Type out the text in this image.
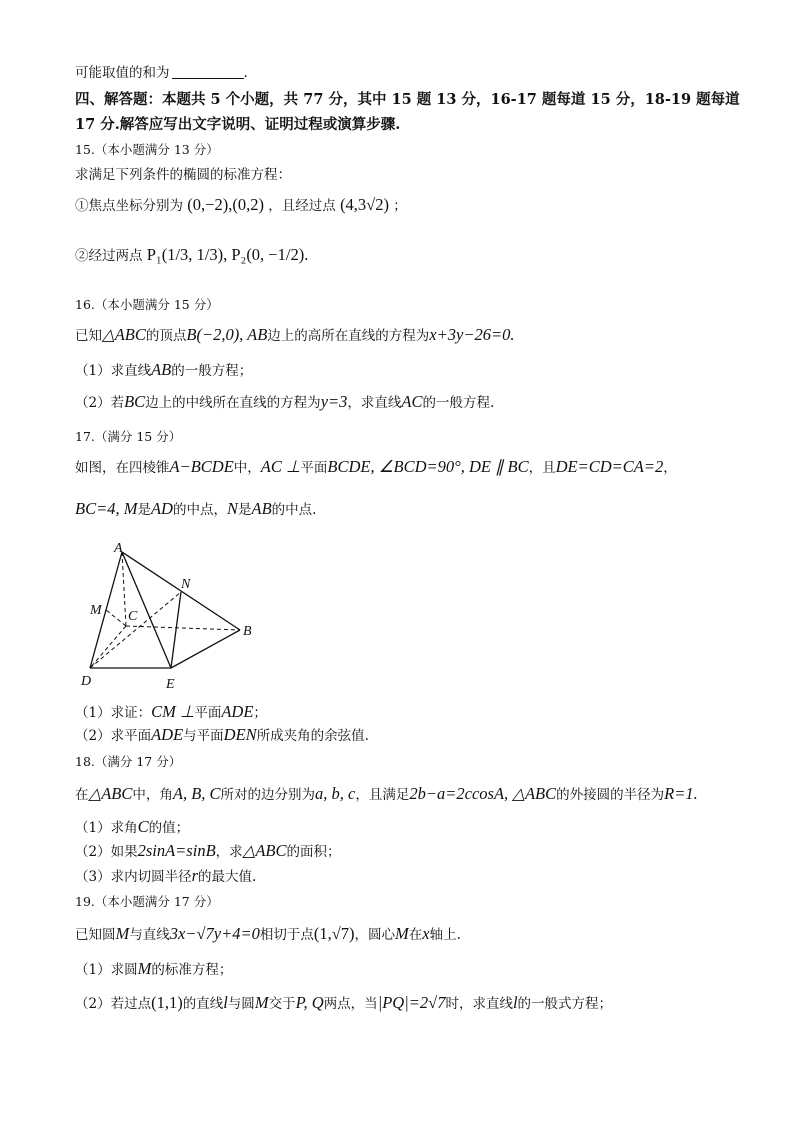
可能取值的和为	.
四、解答题：本题共 5 个小题，共 77 分，其中 15 题 13 分，16-17 题每道 15 分，18-19 题每道
17 分.解答应写出文字说明、证明过程或演算步骤.
15.（本小题满分 13 分）
求满足下列条件的椭圆的标准方程：
①焦点坐标分别为 (0,−2),(0,2) ，且经过点 (4,3√2) ；
②经过两点 P₁(1/3, 1/3), P₂(0, −1/2).
16.（本小题满分 15 分）
已知△ABC的顶点B(−2,0), AB边上的高所在直线的方程为x+3y−26=0.
（1）求直线AB的一般方程；
（2）若BC边上的中线所在直线的方程为y=3，求直线AC的一般方程.
17.（满分 15 分）
如图，在四棱锥A−BCDE中，AC ⊥平面BCDE, ∠BCD=90°, DE ∥ BC，且DE=CD=CA=2，
BC=4, M是AD的中点，N是AB的中点.
A
N
M C
B
D	E
（1）求证：CM ⊥平面ADE；
（2）求平面ADE与平面DEN所成夹角的余弦值.
18.（满分 17 分）
在△ABC中，角A, B, C所对的边分别为a, b, c，且满足2b−a=2ccosA, △ABC的外接圆的半径为R=1.
（1）求角C的值；
（2）如果2sinA=sinB，求△ABC的面积；
（3）求内切圆半径r的最大值.
19.（本小题满分 17 分）
已知圆M与直线3x−√7y+4=0相切于点(1,√7)，圆心M在x轴上.
（1）求圆M的标准方程；
（2）若过点(1,1)的直线l与圆M交于P, Q两点，当|PQ|=2√7时，求直线l的一般式方程；
